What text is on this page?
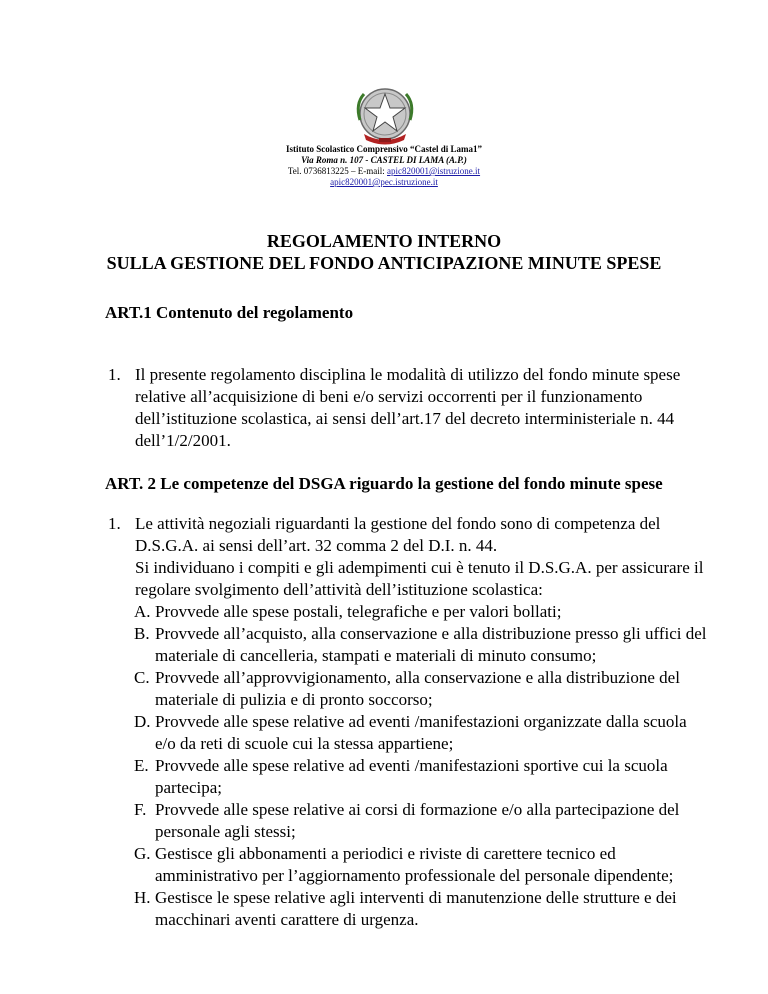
Istituto Scolastico Comprensivo “Castel di Lama1”
Via Roma n. 107 - CASTEL DI LAMA (A.P.)
Tel. 0736813225 – E-mail: apic820001@istruzione.it
apic820001@pec.istruzione.it
REGOLAMENTO INTERNO
SULLA GESTIONE DEL FONDO ANTICIPAZIONE MINUTE SPESE
ART.1 Contenuto del regolamento
1. Il presente regolamento disciplina le modalità di utilizzo del fondo minute spese relative all’acquisizione di beni e/o servizi occorrenti per il funzionamento dell’istituzione scolastica, ai sensi dell’art.17 del decreto interministeriale n. 44 dell’1/2/2001.
ART. 2 Le competenze del DSGA riguardo la gestione del fondo minute spese
1. Le attività negoziali riguardanti la gestione del fondo sono di competenza del D.S.G.A. ai sensi dell’art. 32 comma 2 del D.I. n. 44.
Si individuano i compiti e gli adempimenti cui è tenuto il D.S.G.A. per assicurare il regolare svolgimento dell’attività dell’istituzione scolastica:
A. Provvede alle spese postali, telegrafiche e per valori bollati;
B. Provvede all’acquisto, alla conservazione e alla distribuzione presso gli uffici del materiale di cancelleria, stampati e materiali di minuto consumo;
C. Provvede all’approvvigionamento, alla conservazione e alla distribuzione del materiale di pulizia e di pronto soccorso;
D. Provvede alle spese relative ad eventi /manifestazioni organizzate dalla scuola e/o da reti di scuole cui la stessa appartiene;
E. Provvede alle spese relative ad eventi /manifestazioni sportive cui la scuola partecipa;
F. Provvede alle spese relative ai corsi di formazione e/o alla partecipazione del personale agli stessi;
G. Gestisce gli abbonamenti a periodici e riviste di carettere tecnico ed amministrativo per l’aggiornamento professionale del personale dipendente;
H. Gestisce le spese relative agli interventi di manutenzione delle strutture e dei macchinari aventi carattere di urgenza.
